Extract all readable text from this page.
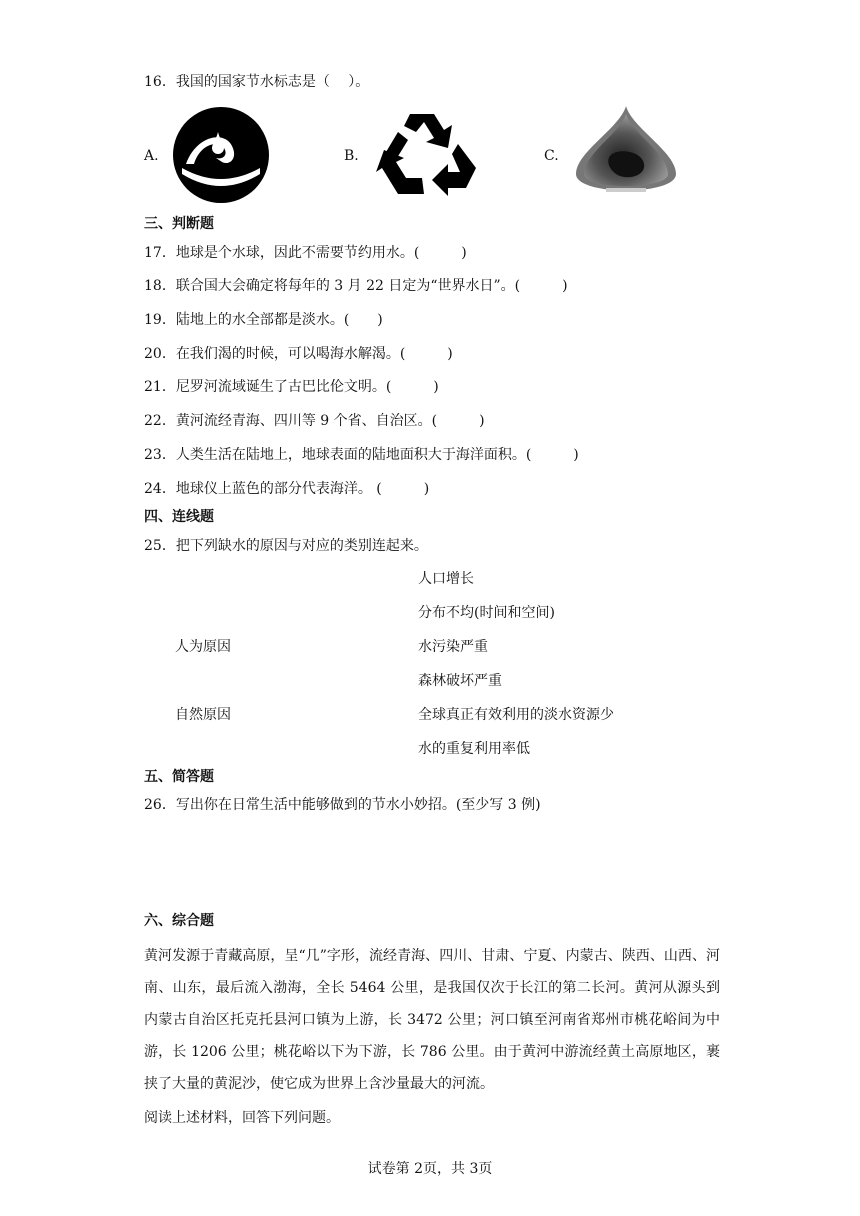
16．我国的国家节水标志是（　 ）。
A.	B.	C.
三、判断题
17．地球是个水球，因此不需要节约用水。(　　　)
18．联合国大会确定将每年的 3 月 22 日定为“世界水日”。(　　　)
19．陆地上的水全部都是淡水。(　　)
20．在我们渴的时候，可以喝海水解渴。(　　　)
21．尼罗河流域诞生了古巴比伦文明。(　　　)
22．黄河流经青海、四川等 9 个省、自治区。(　　　)
23．人类生活在陆地上，地球表面的陆地面积大于海洋面积。(　　　)
24．地球仪上蓝色的部分代表海洋。 (　　　)
四、连线题
25．把下列缺水的原因与对应的类别连起来。
人口增长
分布不均(时间和空间)
人为原因	水污染严重
森林破坏严重
自然原因	全球真正有效利用的淡水资源少
水的重复利用率低
五、简答题
26．写出你在日常生活中能够做到的节水小妙招。(至少写 3 例)
六、综合题
黄河发源于青藏高原，呈“几”字形，流经青海、四川、甘肃、宁夏、内蒙古、陕西、山西、河南、山东，最后流入渤海，全长 5464 公里，是我国仅次于长江的第二长河。黄河从源头到内蒙古自治区托克托县河口镇为上游，长 3472 公里；河口镇至河南省郑州市桃花峪间为中游，长 1206 公里；桃花峪以下为下游，长 786 公里。由于黄河中游流经黄土高原地区，裹挟了大量的黄泥沙，使它成为世界上含沙量最大的河流。
阅读上述材料，回答下列问题。
试卷第 2页，共 3页
